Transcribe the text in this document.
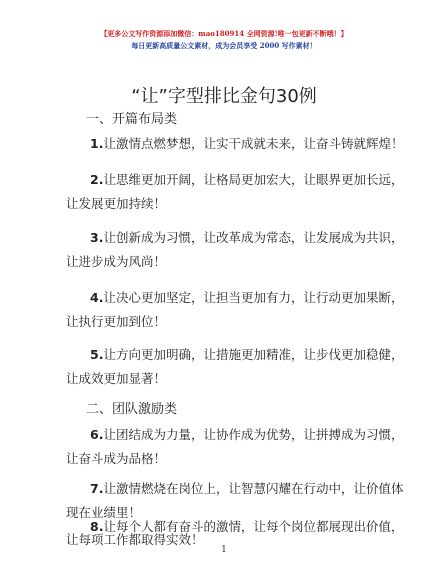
【更多公文写作资源添加微信：mao180914 全网资源!唯一包更新不断哦！】
每日更新高质量公文素材，成为会员享受 2000 写作素材！
“让”字型排比金句30例
一、开篇布局类
1.让激情点燃梦想，让实干成就未来，让奋斗铸就辉煌！
2.让思维更加开阔，让格局更加宏大，让眼界更加长远，
让发展更加持续！
3.让创新成为习惯，让改革成为常态，让发展成为共识，
让进步成为风尚！
4.让决心更加坚定，让担当更加有力，让行动更加果断，
让执行更加到位！
5.让方向更加明确，让措施更加精准，让步伐更加稳健，
让成效更加显著！
二、团队激励类
6.让团结成为力量，让协作成为优势，让拼搏成为习惯，
让奋斗成为品格！
7.让激情燃烧在岗位上，让智慧闪耀在行动中，让价值体
现在业绩里！
1
8.让每个人都有奋斗的激情，让每个岗位都展现出价值，
让每项工作都取得实效！
